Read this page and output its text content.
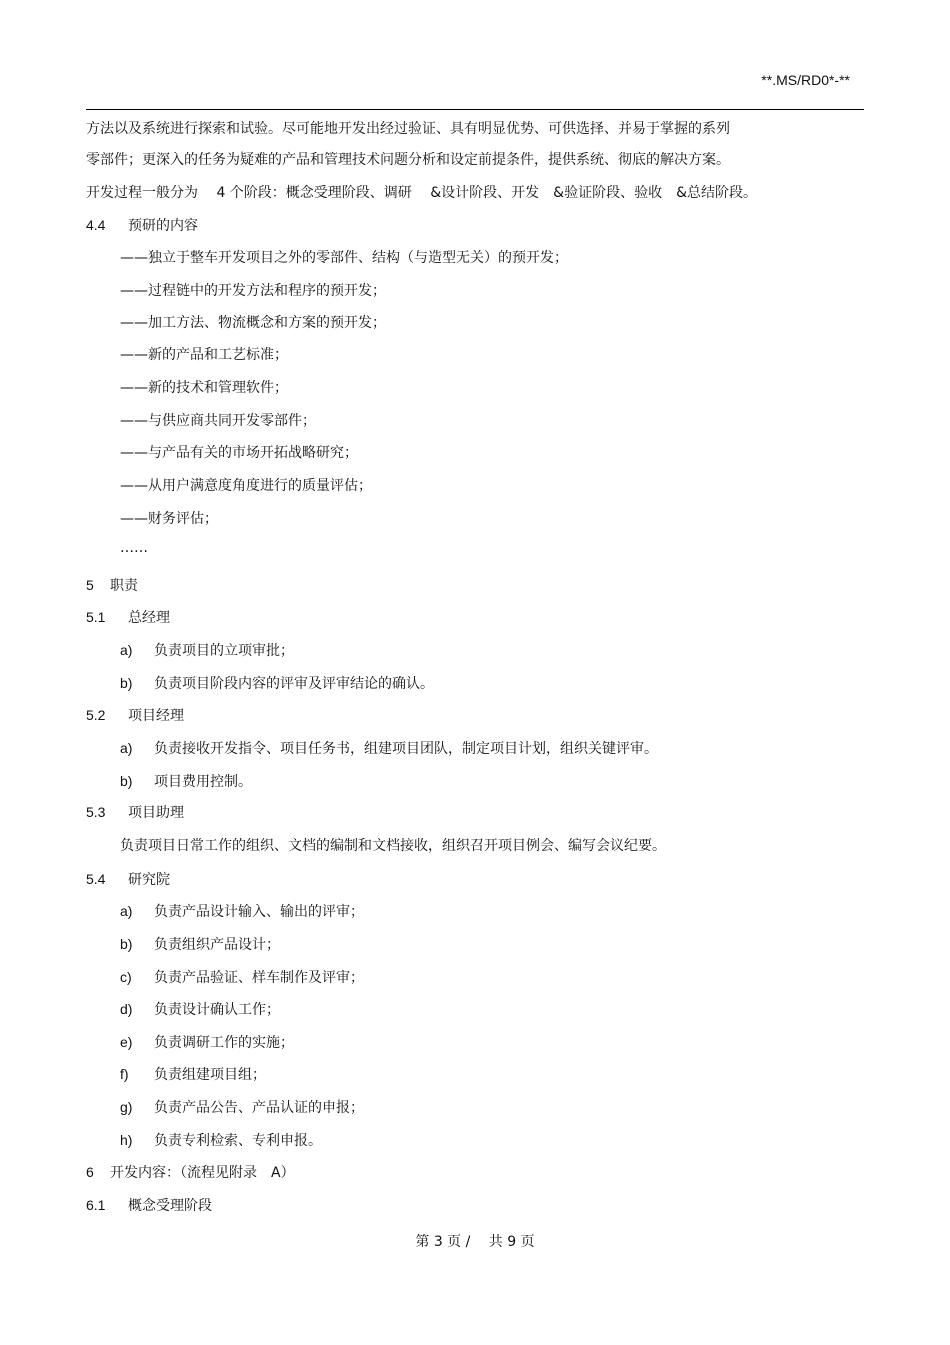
**.MS/RD0*-**
方法以及系统进行探索和试验。尽可能地开发出经过验证、具有明显优势、可供选择、并易于掌握的系列
零部件；更深入的任务为疑难的产品和管理技术问题分析和设定前提条件，提供系统、彻底的解决方案。
开发过程一般分为　 4 个阶段：概念受理阶段、调研　 &设计阶段、开发　&验证阶段、验收　&总结阶段。
4.4 预研的内容
——独立于整车开发项目之外的零部件、结构（与造型无关）的预开发；
——过程链中的开发方法和程序的预开发；
——加工方法、物流概念和方案的预开发；
——新的产品和工艺标准；
——新的技术和管理软件；
——与供应商共同开发零部件；
——与产品有关的市场开拓战略研究；
——从用户满意度角度进行的质量评估；
——财务评估；
……
5 职责
5.1 总经理
a) 负责项目的立项审批；
b) 负责项目阶段内容的评审及评审结论的确认。
5.2 项目经理
a) 负责接收开发指令、项目任务书，组建项目团队，制定项目计划，组织关键评审。
b) 项目费用控制。
5.3 项目助理
负责项目日常工作的组织、文档的编制和文档接收，组织召开项目例会、编写会议纪要。
5.4 研究院
a) 负责产品设计输入、输出的评审；
b) 负责组织产品设计；
c) 负责产品验证、样车制作及评审；
d) 负责设计确认工作；
e) 负责调研工作的实施；
f) 负责组建项目组；
g) 负责产品公告、产品认证的申报；
h) 负责专利检索、专利申报。
6 开发内容：（流程见附录　A）
6.1 概念受理阶段
第 3 页 /　 共 9 页
